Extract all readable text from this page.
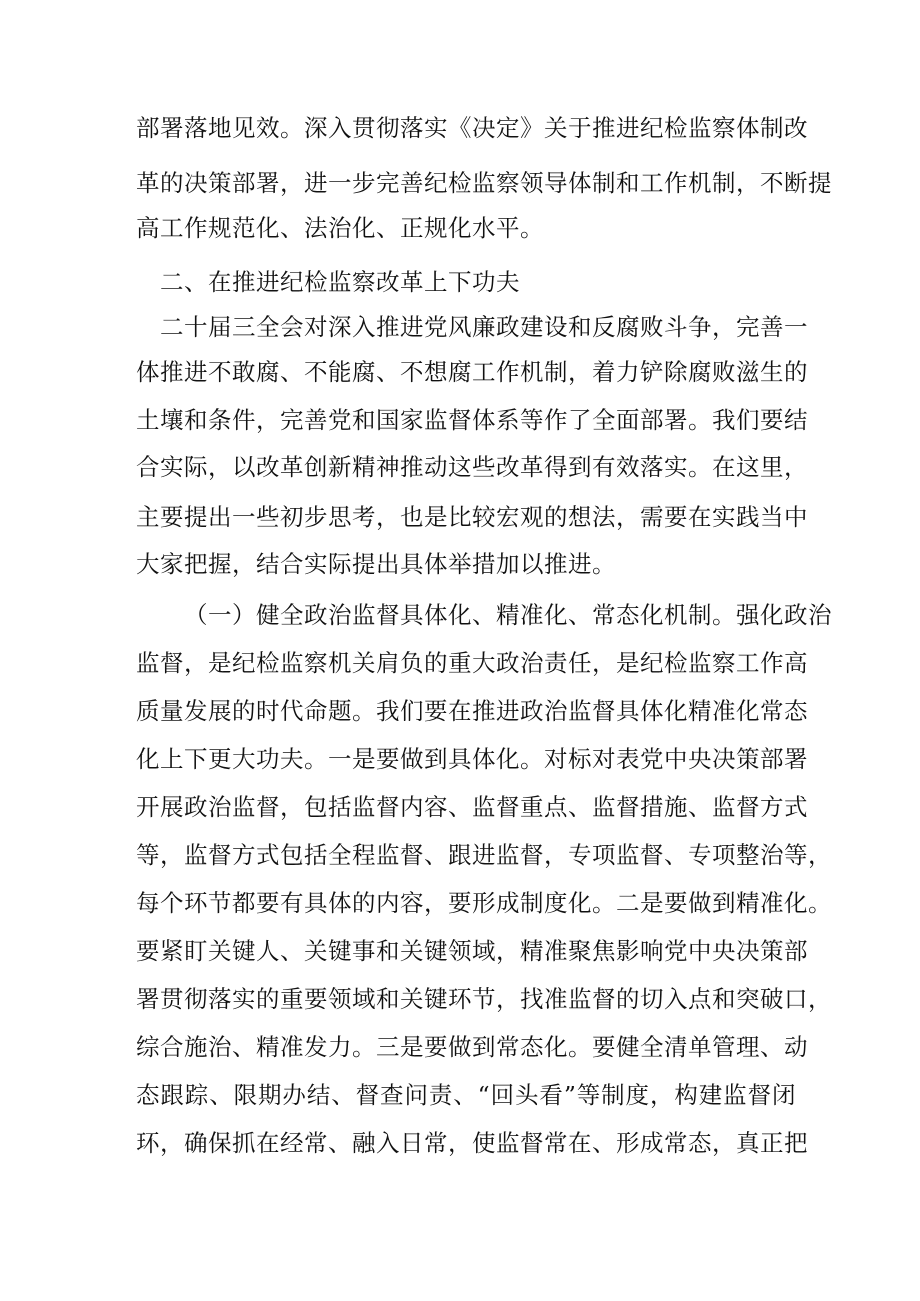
部署落地见效。深入贯彻落实《决定》关于推进纪检监察体制改
革的决策部署，进一步完善纪检监察领导体制和工作机制，不断提
高工作规范化、法治化、正规化水平。
二、在推进纪检监察改革上下功夫
二十届三全会对深入推进党风廉政建设和反腐败斗争，完善一
体推进不敢腐、不能腐、不想腐工作机制，着力铲除腐败滋生的
土壤和条件，完善党和国家监督体系等作了全面部署。我们要结
合实际，以改革创新精神推动这些改革得到有效落实。在这里，
主要提出一些初步思考，也是比较宏观的想法，需要在实践当中
大家把握，结合实际提出具体举措加以推进。
（一）健全政治监督具体化、精准化、常态化机制。强化政治
监督，是纪检监察机关肩负的重大政治责任，是纪检监察工作高
质量发展的时代命题。我们要在推进政治监督具体化精准化常态
化上下更大功夫。一是要做到具体化。对标对表党中央决策部署
开展政治监督，包括监督内容、监督重点、监督措施、监督方式
等，监督方式包括全程监督、跟进监督，专项监督、专项整治等，
每个环节都要有具体的内容，要形成制度化。二是要做到精准化。
要紧盯关键人、关键事和关键领域，精准聚焦影响党中央决策部
署贯彻落实的重要领域和关键环节，找准监督的切入点和突破口，
综合施治、精准发力。三是要做到常态化。要健全清单管理、动
态跟踪、限期办结、督查问责、“回头看”等制度，构建监督闭
环，确保抓在经常、融入日常，使监督常在、形成常态，真正把
